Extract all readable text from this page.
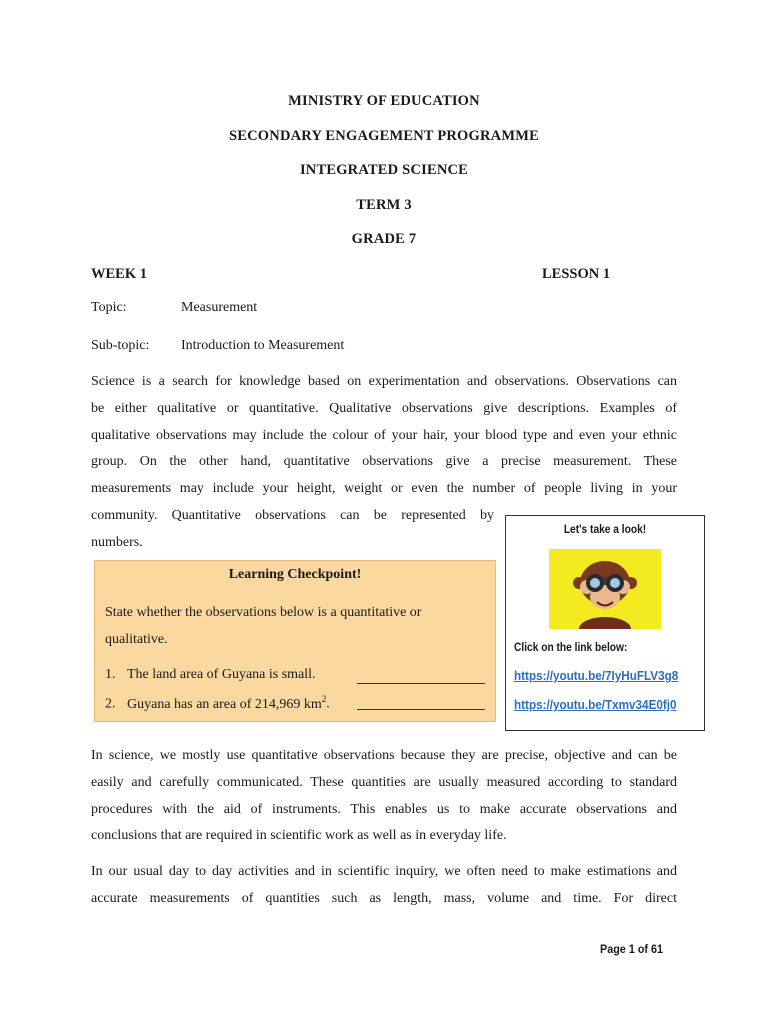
MINISTRY OF EDUCATION
SECONDARY ENGAGEMENT PROGRAMME
INTEGRATED SCIENCE
TERM 3
GRADE 7
WEEK 1	LESSON 1
Topic:	Measurement
Sub-topic: Introduction to Measurement
Science is a search for knowledge based on experimentation and observations. Observations can
be either qualitative or quantitative. Qualitative observations give descriptions. Examples of
qualitative observations may include the colour of your hair, your blood type and even your ethnic
group. On the other hand, quantitative observations give a precise measurement. These
measurements may include your height, weight or even the number of people living in your
community. Quantitative observations can be represented by
numbers.
Learning Checkpoint!
State whether the observations below is a quantitative or qualitative.
1. The land area of Guyana is small.
2. Guyana has an area of 214,969 $km^2$.
Let's take a look!
Click on the link below:
https://youtu.be/7IyHuFLV3g8
https://youtu.be/Txmv34E0fj0
In science, we mostly use quantitative observations because they are precise, objective and can be
easily and carefully communicated. These quantities are usually measured according to standard
procedures with the aid of instruments. This enables us to make accurate observations and
conclusions that are required in scientific work as well as in everyday life.
In our usual day to day activities and in scientific inquiry, we often need to make estimations and
accurate measurements of quantities such as length, mass, volume and time. For direct
Page 1 of 61
